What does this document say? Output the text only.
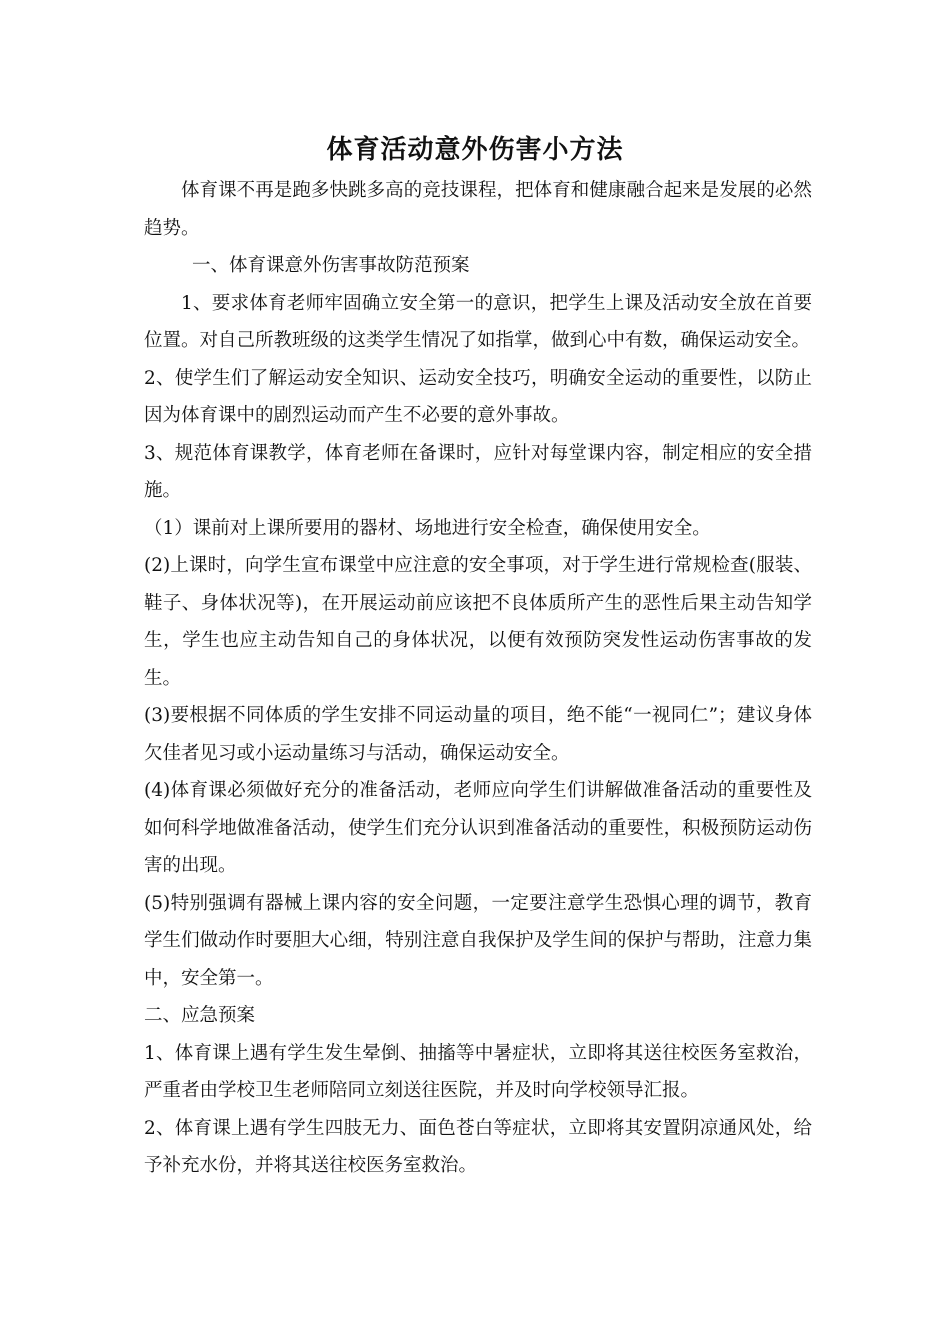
体育活动意外伤害小方法

体育课不再是跑多快跳多高的竞技课程，把体育和健康融合起来是发展的必然趋势。

一、体育课意外伤害事故防范预案

1、要求体育老师牢固确立安全第一的意识，把学生上课及活动安全放在首要位置。对自己所教班级的这类学生情况了如指掌，做到心中有数，确保运动安全。

2、使学生们了解运动安全知识、运动安全技巧，明确安全运动的重要性，以防止因为体育课中的剧烈运动而产生不必要的意外事故。

3、规范体育课教学，体育老师在备课时，应针对每堂课内容，制定相应的安全措施。

（1）课前对上课所要用的器材、场地进行安全检查，确保使用安全。

(2)上课时，向学生宣布课堂中应注意的安全事项，对于学生进行常规检查(服装、鞋子、身体状况等)，在开展运动前应该把不良体质所产生的恶性后果主动告知学生，学生也应主动告知自己的身体状况，以便有效预防突发性运动伤害事故的发生。

(3)要根据不同体质的学生安排不同运动量的项目，绝不能“一视同仁”；建议身体欠佳者见习或小运动量练习与活动，确保运动安全。

(4)体育课必须做好充分的准备活动，老师应向学生们讲解做准备活动的重要性及如何科学地做准备活动，使学生们充分认识到准备活动的重要性，积极预防运动伤害的出现。

(5)特别强调有器械上课内容的安全问题，一定要注意学生恐惧心理的调节，教育学生们做动作时要胆大心细，特别注意自我保护及学生间的保护与帮助，注意力集中，安全第一。

二、应急预案

1、体育课上遇有学生发生晕倒、抽搐等中暑症状，立即将其送往校医务室救治，严重者由学校卫生老师陪同立刻送往医院，并及时向学校领导汇报。

2、体育课上遇有学生四肢无力、面色苍白等症状，立即将其安置阴凉通风处，给予补充水份，并将其送往校医务室救治。
